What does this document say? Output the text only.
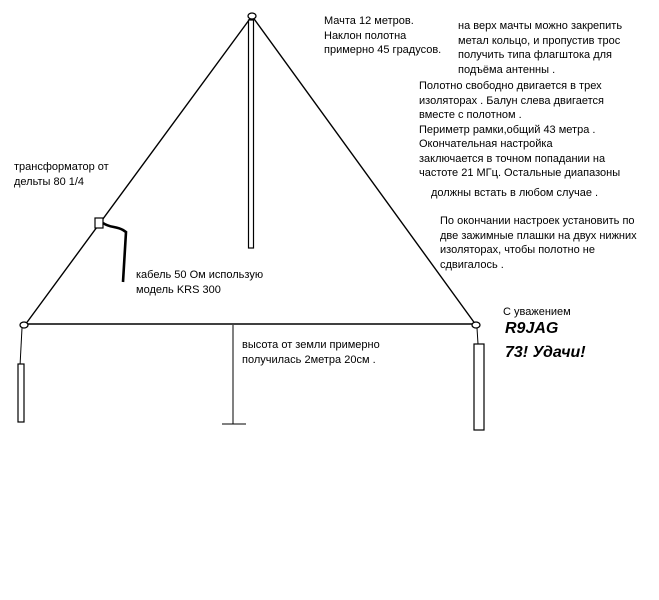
Мачта 12 метров.
Наклон полотна
примерно 45 градусов.
на верх мачты можно закрепить
метал кольцо, и пропустив трос
получить типа флагштока для
подъёма антенны .
Полотно свободно двигается в трех
изоляторах . Балун слева двигается
вместе с полотном .
Периметр рамки,общий 43 метра .
Окончательная настройка
заключается в точном попадании на
частоте 21 МГц. Остальные диапазоны
должны встать в любом случае .
По окончании настроек установить по
две зажимные плашки на двух нижних
изоляторах, чтобы полотно не
сдвигалось .
трансформатор от
дельты 80 1/4
кабель 50 Ом использую
модель KRS 300
высота от земли примерно
получилась 2метра 20см .
С уважением
R9JAG
73! Удачи!
